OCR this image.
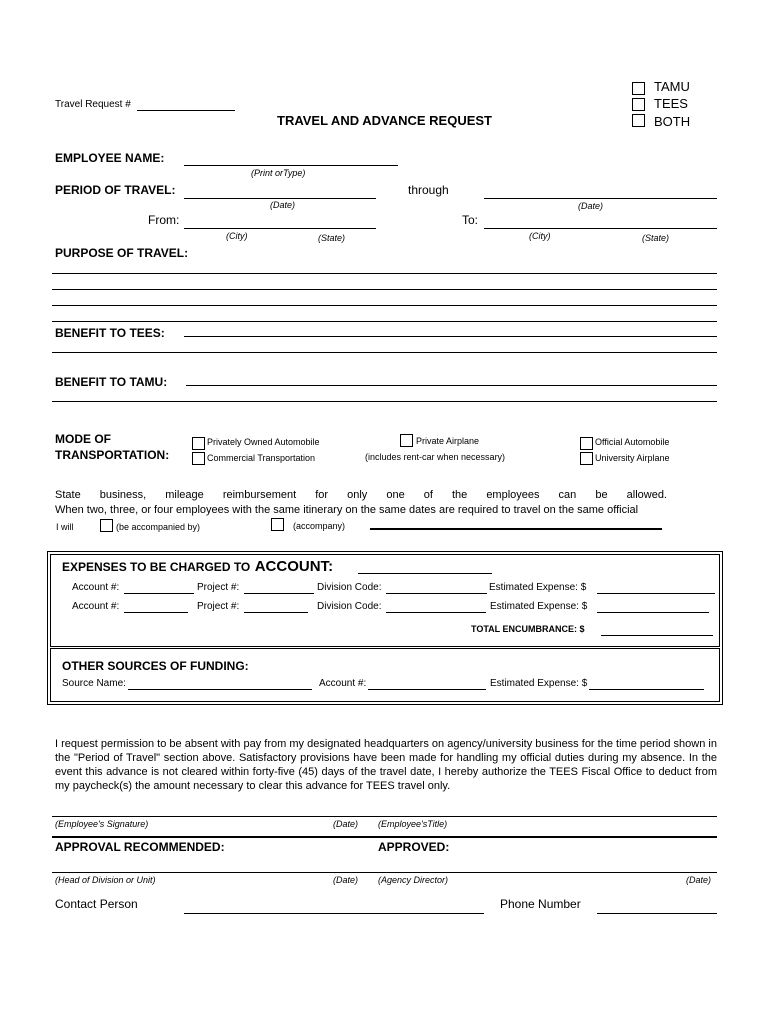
TAMU
TEES
BOTH
Travel Request #
TRAVEL AND ADVANCE REQUEST
EMPLOYEE NAME:
(Print orType)
PERIOD OF TRAVEL:
(Date)
through
(Date)
From:
(City)	(State)
To:
(City)	(State)
PURPOSE OF TRAVEL:
BENEFIT TO TEES:
BENEFIT TO TAMU:
MODE OF
TRANSPORTATION:
Privately Owned Automobile
Commercial Transportation
Private Airplane
(includes rent-car when necessary)
Official Automobile
University Airplane
State business, mileage reimbursement for only one of the employees can be allowed.
When two, three, or four employees with the same itinerary on the same dates are required to travel on the same official
I will	(be accompanied by)	(accompany)
EXPENSES TO BE CHARGED TO ACCOUNT:
Account #:	Project #:	Division Code:	Estimated Expense: $
Account #:	Project #:	Division Code:	Estimated Expense: $
TOTAL ENCUMBRANCE: $
OTHER SOURCES OF FUNDING:
Source Name:	Account #:	Estimated Expense: $
I request permission to be absent with pay from my designated headquarters on agency/university business for the time period shown in the "Period of Travel" section above. Satisfactory provisions have been made for handling my official duties during my absence. In the event this advance is not cleared within forty-five (45) days of the travel date, I hereby authorize the TEES Fiscal Office to deduct from my paycheck(s) the amount necessary to clear this advance for TEES travel only.
(Employee's Signature)	(Date) (Employee'sTitle)
APPROVAL RECOMMENDED:	APPROVED:
(Head of Division or Unit)	(Date) (Agency Director)	(Date)
Contact Person	Phone Number
